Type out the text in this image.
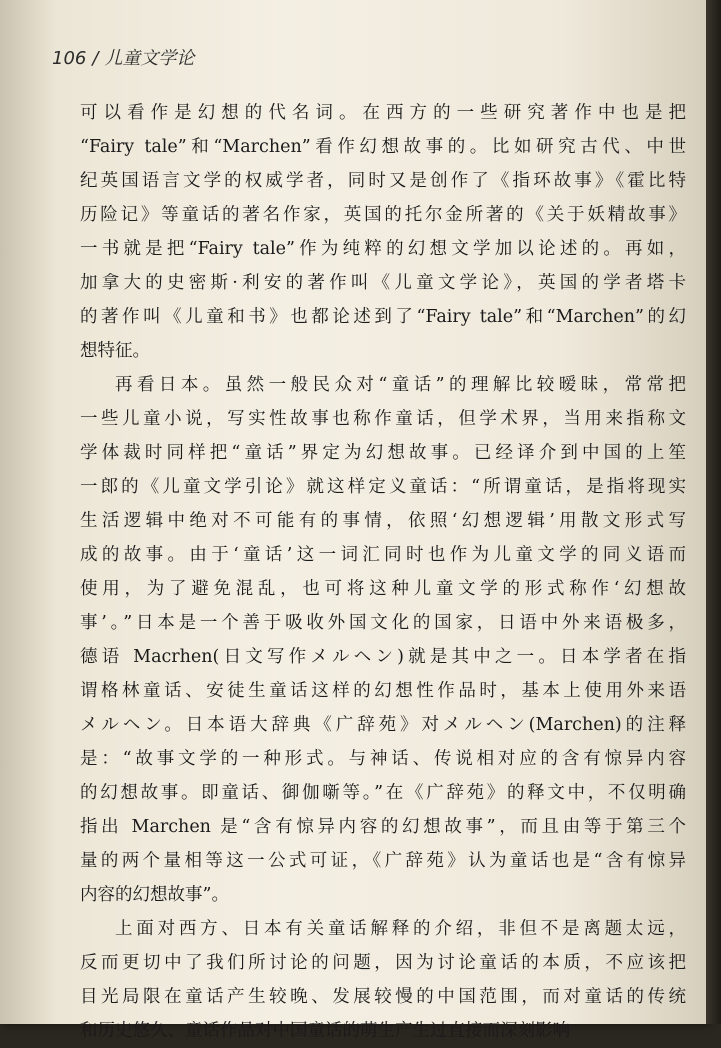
106 / 儿童文学论
可以看作是幻想的代名词。在西方的一些研究著作中也是把
“Fairy tale”和“Marchen”看作幻想故事的。比如研究古代、中世
纪英国语言文学的权威学者，同时又是创作了《指环故事》《霍比特
历险记》等童话的著名作家，英国的托尔金所著的《关于妖精故事》
一书就是把“Fairy tale”作为纯粹的幻想文学加以论述的。再如，
加拿大的史密斯·利安的著作叫《儿童文学论》，英国的学者塔卡
的著作叫《儿童和书》也都论述到了“Fairy tale”和“Marchen”的幻
想特征。
再看日本。虽然一般民众对“童话”的理解比较暧昧，常常把
一些儿童小说，写实性故事也称作童话，但学术界，当用来指称文
学体裁时同样把“童话”界定为幻想故事。已经译介到中国的上笙
一郎的《儿童文学引论》就这样定义童话：“所谓童话，是指将现实
生活逻辑中绝对不可能有的事情，依照‘幻想逻辑’用散文形式写
成的故事。由于‘童话’这一词汇同时也作为儿童文学的同义语而
使用，为了避免混乱，也可将这种儿童文学的形式称作‘幻想故
事’。”日本是一个善于吸收外国文化的国家，日语中外来语极多，
德语 Macrhen(日文写作メルヘン)就是其中之一。日本学者在指
谓格林童话、安徒生童话这样的幻想性作品时，基本上使用外来语
メルヘン。日本语大辞典《广辞苑》对メルヘン(Marchen)的注释
是：“故事文学的一种形式。与神话、传说相对应的含有惊异内容
的幻想故事。即童话、御伽噺等。”在《广辞苑》的释文中，不仅明确
指出 Marchen 是“含有惊异内容的幻想故事”，而且由等于第三个
量的两个量相等这一公式可证，《广辞苑》认为童话也是“含有惊异
内容的幻想故事”。
上面对西方、日本有关童话解释的介绍，非但不是离题太远，
反而更切中了我们所讨论的问题，因为讨论童话的本质，不应该把
目光局限在童话产生较晚、发展较慢的中国范围，而对童话的传统
和历史悠久、童话作品对中国童话的萌生产生过直接而深刻影响
